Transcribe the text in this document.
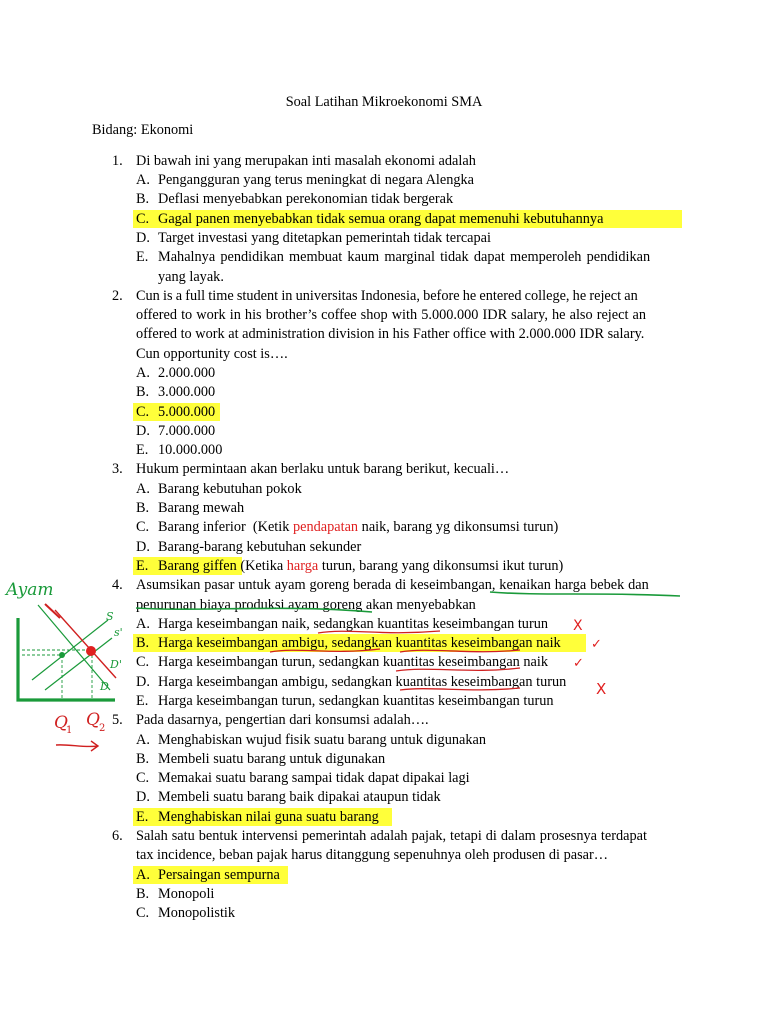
Soal Latihan Mikroekonomi SMA
Bidang: Ekonomi
1. Di bawah ini yang merupakan inti masalah ekonomi adalah
A. Pengangguran yang terus meningkat di negara Alengka
B. Deflasi menyebabkan perekonomian tidak bergerak
C. Gagal panen menyebabkan tidak semua orang dapat memenuhi kebutuhannya
D. Target investasi yang ditetapkan pemerintah tidak tercapai
E. Mahalnya pendidikan membuat kaum marginal tidak dapat memperoleh pendidikan
yang layak.
2. Cun is a full time student in universitas Indonesia, before he entered college, he reject an
offered to work in his brother’s coffee shop with 5.000.000 IDR salary, he also reject an
offered to work at administration division in his Father office with 2.000.000 IDR salary.
Cun opportunity cost is….
A. 2.000.000
B. 3.000.000
C. 5.000.000
D. 7.000.000
E. 10.000.000
3. Hukum permintaan akan berlaku untuk barang berikut, kecuali…
A. Barang kebutuhan pokok
B. Barang mewah
C. Barang inferior  (Ketik pendapatan naik, barang yg dikonsumsi turun)
D. Barang-barang kebutuhan sekunder
E. Barang giffen (Ketika harga turun, barang yang dikonsumsi ikut turun)
4. Asumsikan pasar untuk ayam goreng berada di keseimbangan, kenaikan harga bebek dan
penurunan biaya produksi ayam goreng akan menyebabkan
A. Harga keseimbangan naik, sedangkan kuantitas keseimbangan turun
B. Harga keseimbangan ambigu, sedangkan kuantitas keseimbangan naik
C. Harga keseimbangan turun, sedangkan kuantitas keseimbangan naik
D. Harga keseimbangan ambigu, sedangkan kuantitas keseimbangan turun
E. Harga keseimbangan turun, sedangkan kuantitas keseimbangan turun
5. Pada dasarnya, pengertian dari konsumsi adalah….
A. Menghabiskan wujud fisik suatu barang untuk digunakan
B. Membeli suatu barang untuk digunakan
C. Memakai suatu barang sampai tidak dapat dipakai lagi
D. Membeli suatu barang baik dipakai ataupun tidak
E. Menghabiskan nilai guna suatu barang
6. Salah satu bentuk intervensi pemerintah adalah pajak, tetapi di dalam prosesnya terdapat
tax incidence, beban pajak harus ditanggung sepenuhnya oleh produsen di pasar…
A. Persaingan sempurna
B. Monopoli
C. Monopolistik
X
✓
✓
X
Ayam
S
s'
D'
D
Q
1
Q 2
